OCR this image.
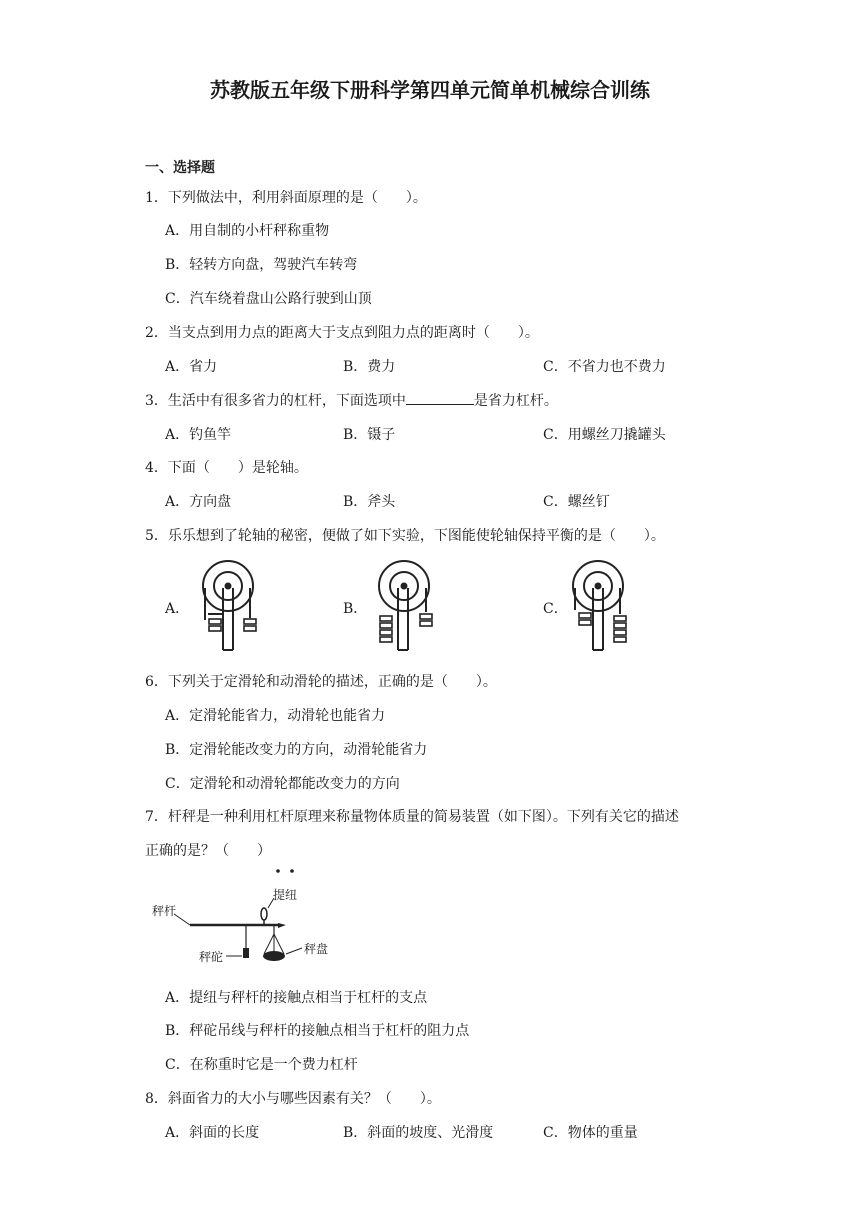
苏教版五年级下册科学第四单元简单机械综合训练
一、选择题
1．下列做法中，利用斜面原理的是（　　）。
A．用自制的小杆秤称重物
B．轻转方向盘，驾驶汽车转弯
C．汽车绕着盘山公路行驶到山顶
2．当支点到用力点的距离大于支点到阻力点的距离时（　　）。
A．省力	B．费力	C．不省力也不费力
3．生活中有很多省力的杠杆，下面选项中	是省力杠杆。
A．钓鱼竿	B．镊子	C．用螺丝刀撬罐头
4．下面（　　）是轮轴。
A．方向盘	B．斧头	C．螺丝钉
5．乐乐想到了轮轴的秘密，便做了如下实验，下图能使轮轴保持平衡的是（　　）。
A．	B．	C．
6．下列关于定滑轮和动滑轮的描述，正确的是（　　）。
A．定滑轮能省力，动滑轮也能省力
B．定滑轮能改变力的方向，动滑轮能省力
C．定滑轮和动滑轮都能改变力的方向
7．杆秤是一种利用杠杆原理来称量物体质量的简易装置（如下图）。下列有关它的描述
正确的是？（　　）
秤杆
提纽
秤砣
秤盘
A．提纽与秤杆的接触点相当于杠杆的支点
B．秤砣吊线与秤杆的接触点相当于杠杆的阻力点
C．在称重时它是一个费力杠杆
8．斜面省力的大小与哪些因素有关？（　　）。
A．斜面的长度	B．斜面的坡度、光滑度	C．物体的重量
